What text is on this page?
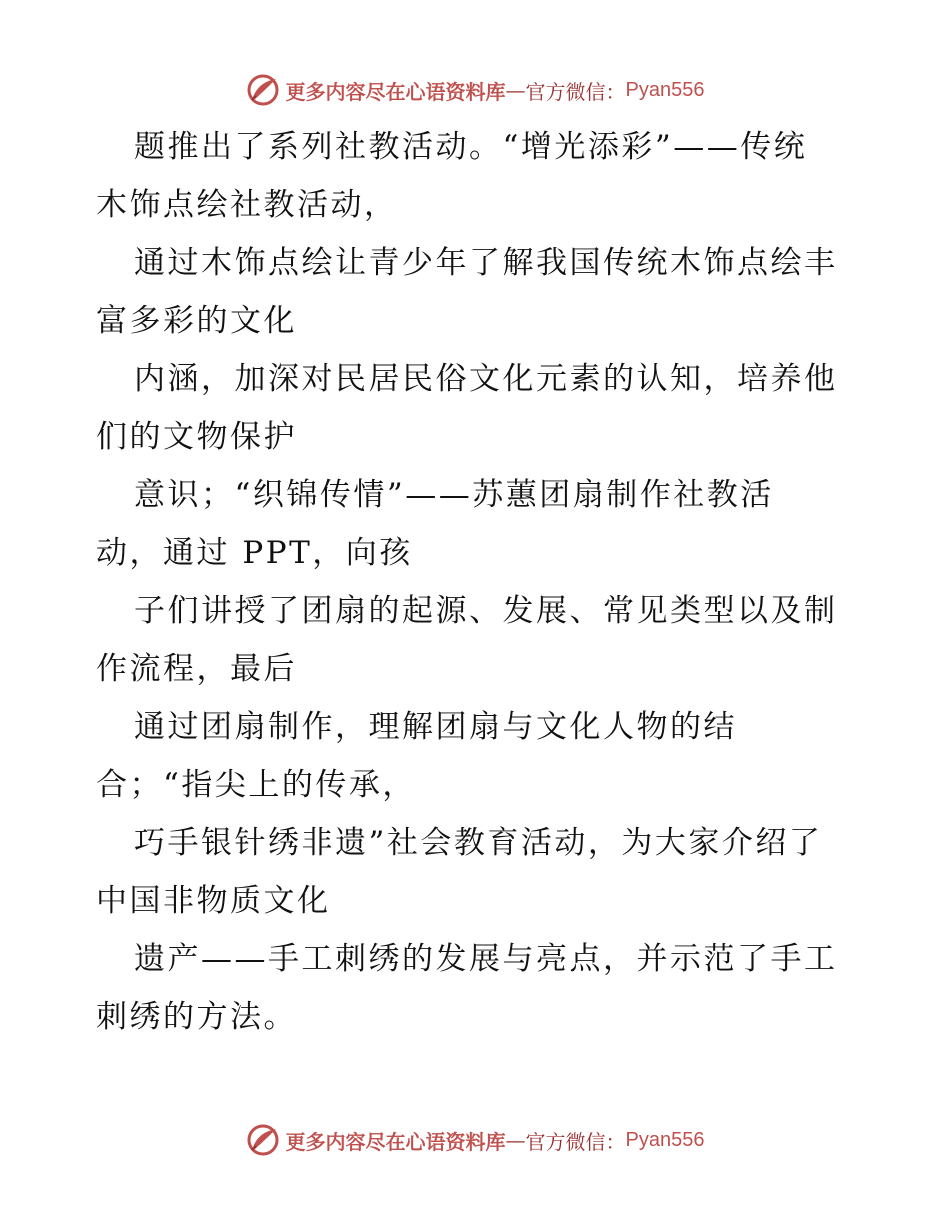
更多内容尽在心语资料库 — 官方微信： Pyan556
题推出了系列社教活动。“增光添彩”——传统
木饰点绘社教活动，
通过木饰点绘让青少年了解我国传统木饰点绘丰
富多彩的文化
内涵，加深对民居民俗文化元素的认知，培养他
们的文物保护
意识；“织锦传情”——苏蕙团扇制作社教活
动，通过 PPT，向孩
子们讲授了团扇的起源、发展、常见类型以及制
作流程，最后
通过团扇制作，理解团扇与文化人物的结
合；“指尖上的传承，
巧手银针绣非遗”社会教育活动，为大家介绍了
中国非物质文化
遗产——手工刺绣的发展与亮点，并示范了手工
刺绣的方法。
更多内容尽在心语资料库 — 官方微信： Pyan556
